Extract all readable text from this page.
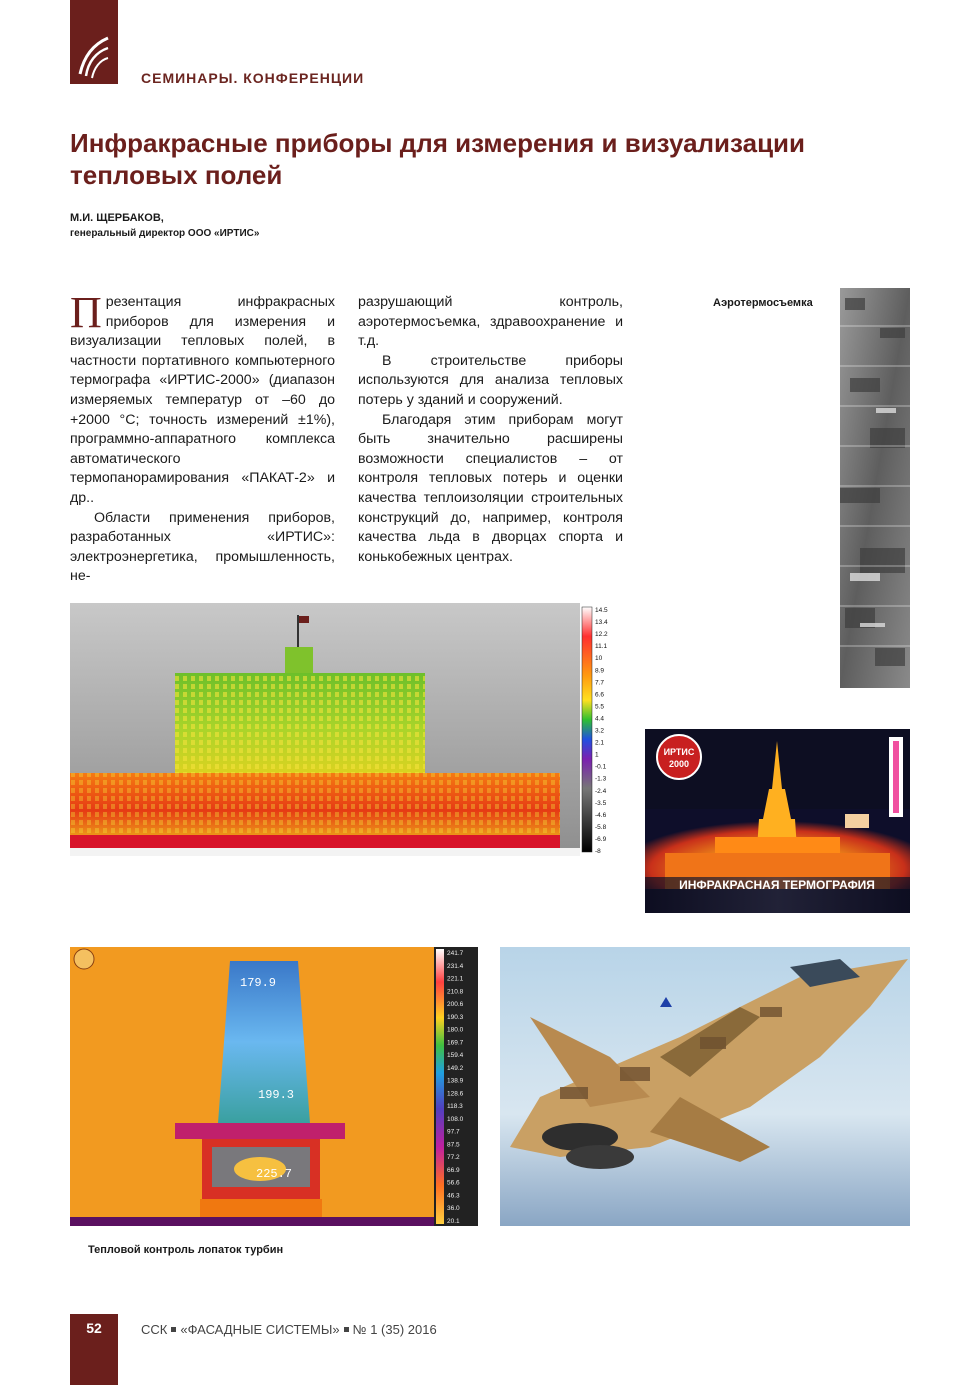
СЕМИНАРЫ. КОНФЕРЕНЦИИ
Инфракрасные приборы для измерения и визуализации тепловых полей
М.И. ЩЕРБАКОВ,
генеральный директор ООО «ИРТИС»

Презентация инфракрасных приборов для измерения и визуализации тепловых полей, в частности портативного компьютерного термографа «ИРТИС-2000» (диапазон измеряемых температур от –60 до +2000 °С; точность измерений ±1%), программно-аппаратного комплекса автоматического термопанорамирования «ПАКАТ-2» и др..

Области применения приборов, разработанных «ИРТИС»: электроэнергетика, промышленность, не-

разрушающий контроль, аэротермосъемка, здравоохранение и т.д.

В строительстве приборы используются для анализа тепловых потерь у зданий и сооружений.

Благодаря этим приборам могут быть значительно расширены возможности специалистов – от контроля тепловых потерь и оценки качества теплоизоляции строительных конструкций до, например, контроля качества льда в дворцах спорта и конькобежных центрах.

Аэротермосъемка
14.5
13.4
12.2
11.1
10
8.9
7.7
6.6
5.5
4.4
3.2
2.1
1
-0.1
-1.3
-2.4
-3.5
-4.6
-5.8
-6.9
-8
ИРТИС
2000
ИНФРАКРАСНАЯ ТЕРМОГРАФИЯ
179.9
199.3
225.7
241.7
231.4
221.1
210.8
200.6
190.3
180.0
169.7
159.4
149.2
138.9
128.6
118.3
108.0
97.7
87.5
77.2
66.9
56.6
46.3
36.0
20.1
Тепловой контроль лопаток турбин
52	ССК «ФАСАДНЫЕ СИСТЕМЫ» № 1 (35) 2016
